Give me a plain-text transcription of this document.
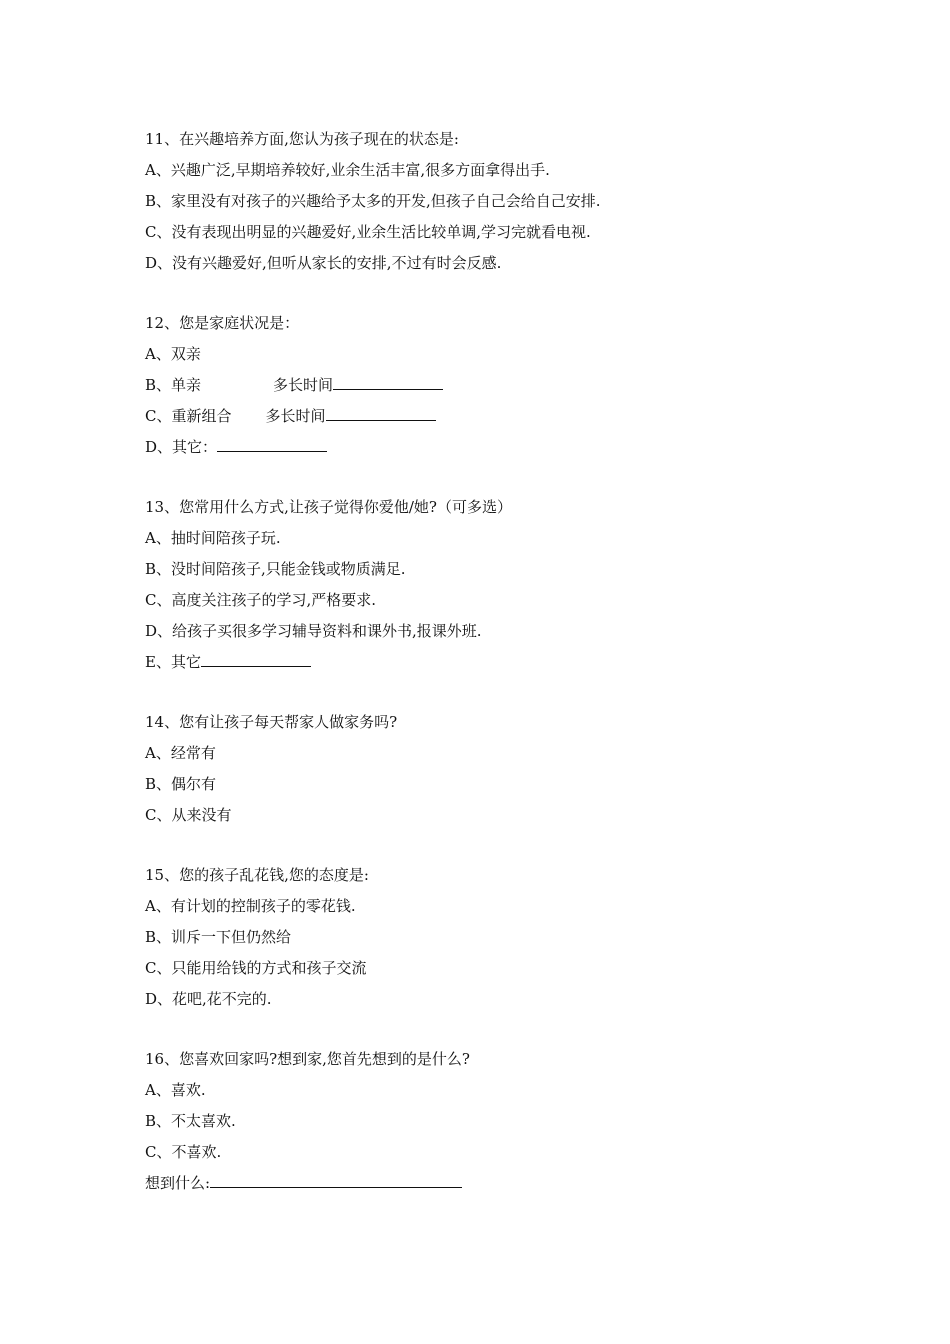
11、在兴趣培养方面,您认为孩子现在的状态是:
A、兴趣广泛,早期培养较好,业余生活丰富,很多方面拿得出手.
B、家里没有对孩子的兴趣给予太多的开发,但孩子自己会给自己安排.
C、没有表现出明显的兴趣爱好,业余生活比较单调,学习完就看电视.
D、没有兴趣爱好,但听从家长的安排,不过有时会反感.
12、您是家庭状况是：
A、双亲
B、单亲	多长时间
C、重新组合 多长时间
D、其它：
13、您常用什么方式,让孩子觉得你爱他/她?（可多选）
A、抽时间陪孩子玩.
B、没时间陪孩子,只能金钱或物质满足.
C、高度关注孩子的学习,严格要求.
D、给孩子买很多学习辅导资料和课外书,报课外班.
E、其它
14、您有让孩子每天帮家人做家务吗?
A、经常有
B、偶尔有
C、从来没有
15、您的孩子乱花钱,您的态度是:
A、有计划的控制孩子的零花钱.
B、训斥一下但仍然给
C、只能用给钱的方式和孩子交流
D、花吧,花不完的.
16、您喜欢回家吗?想到家,您首先想到的是什么?
A、喜欢.
B、不太喜欢.
C、不喜欢.
想到什么:
